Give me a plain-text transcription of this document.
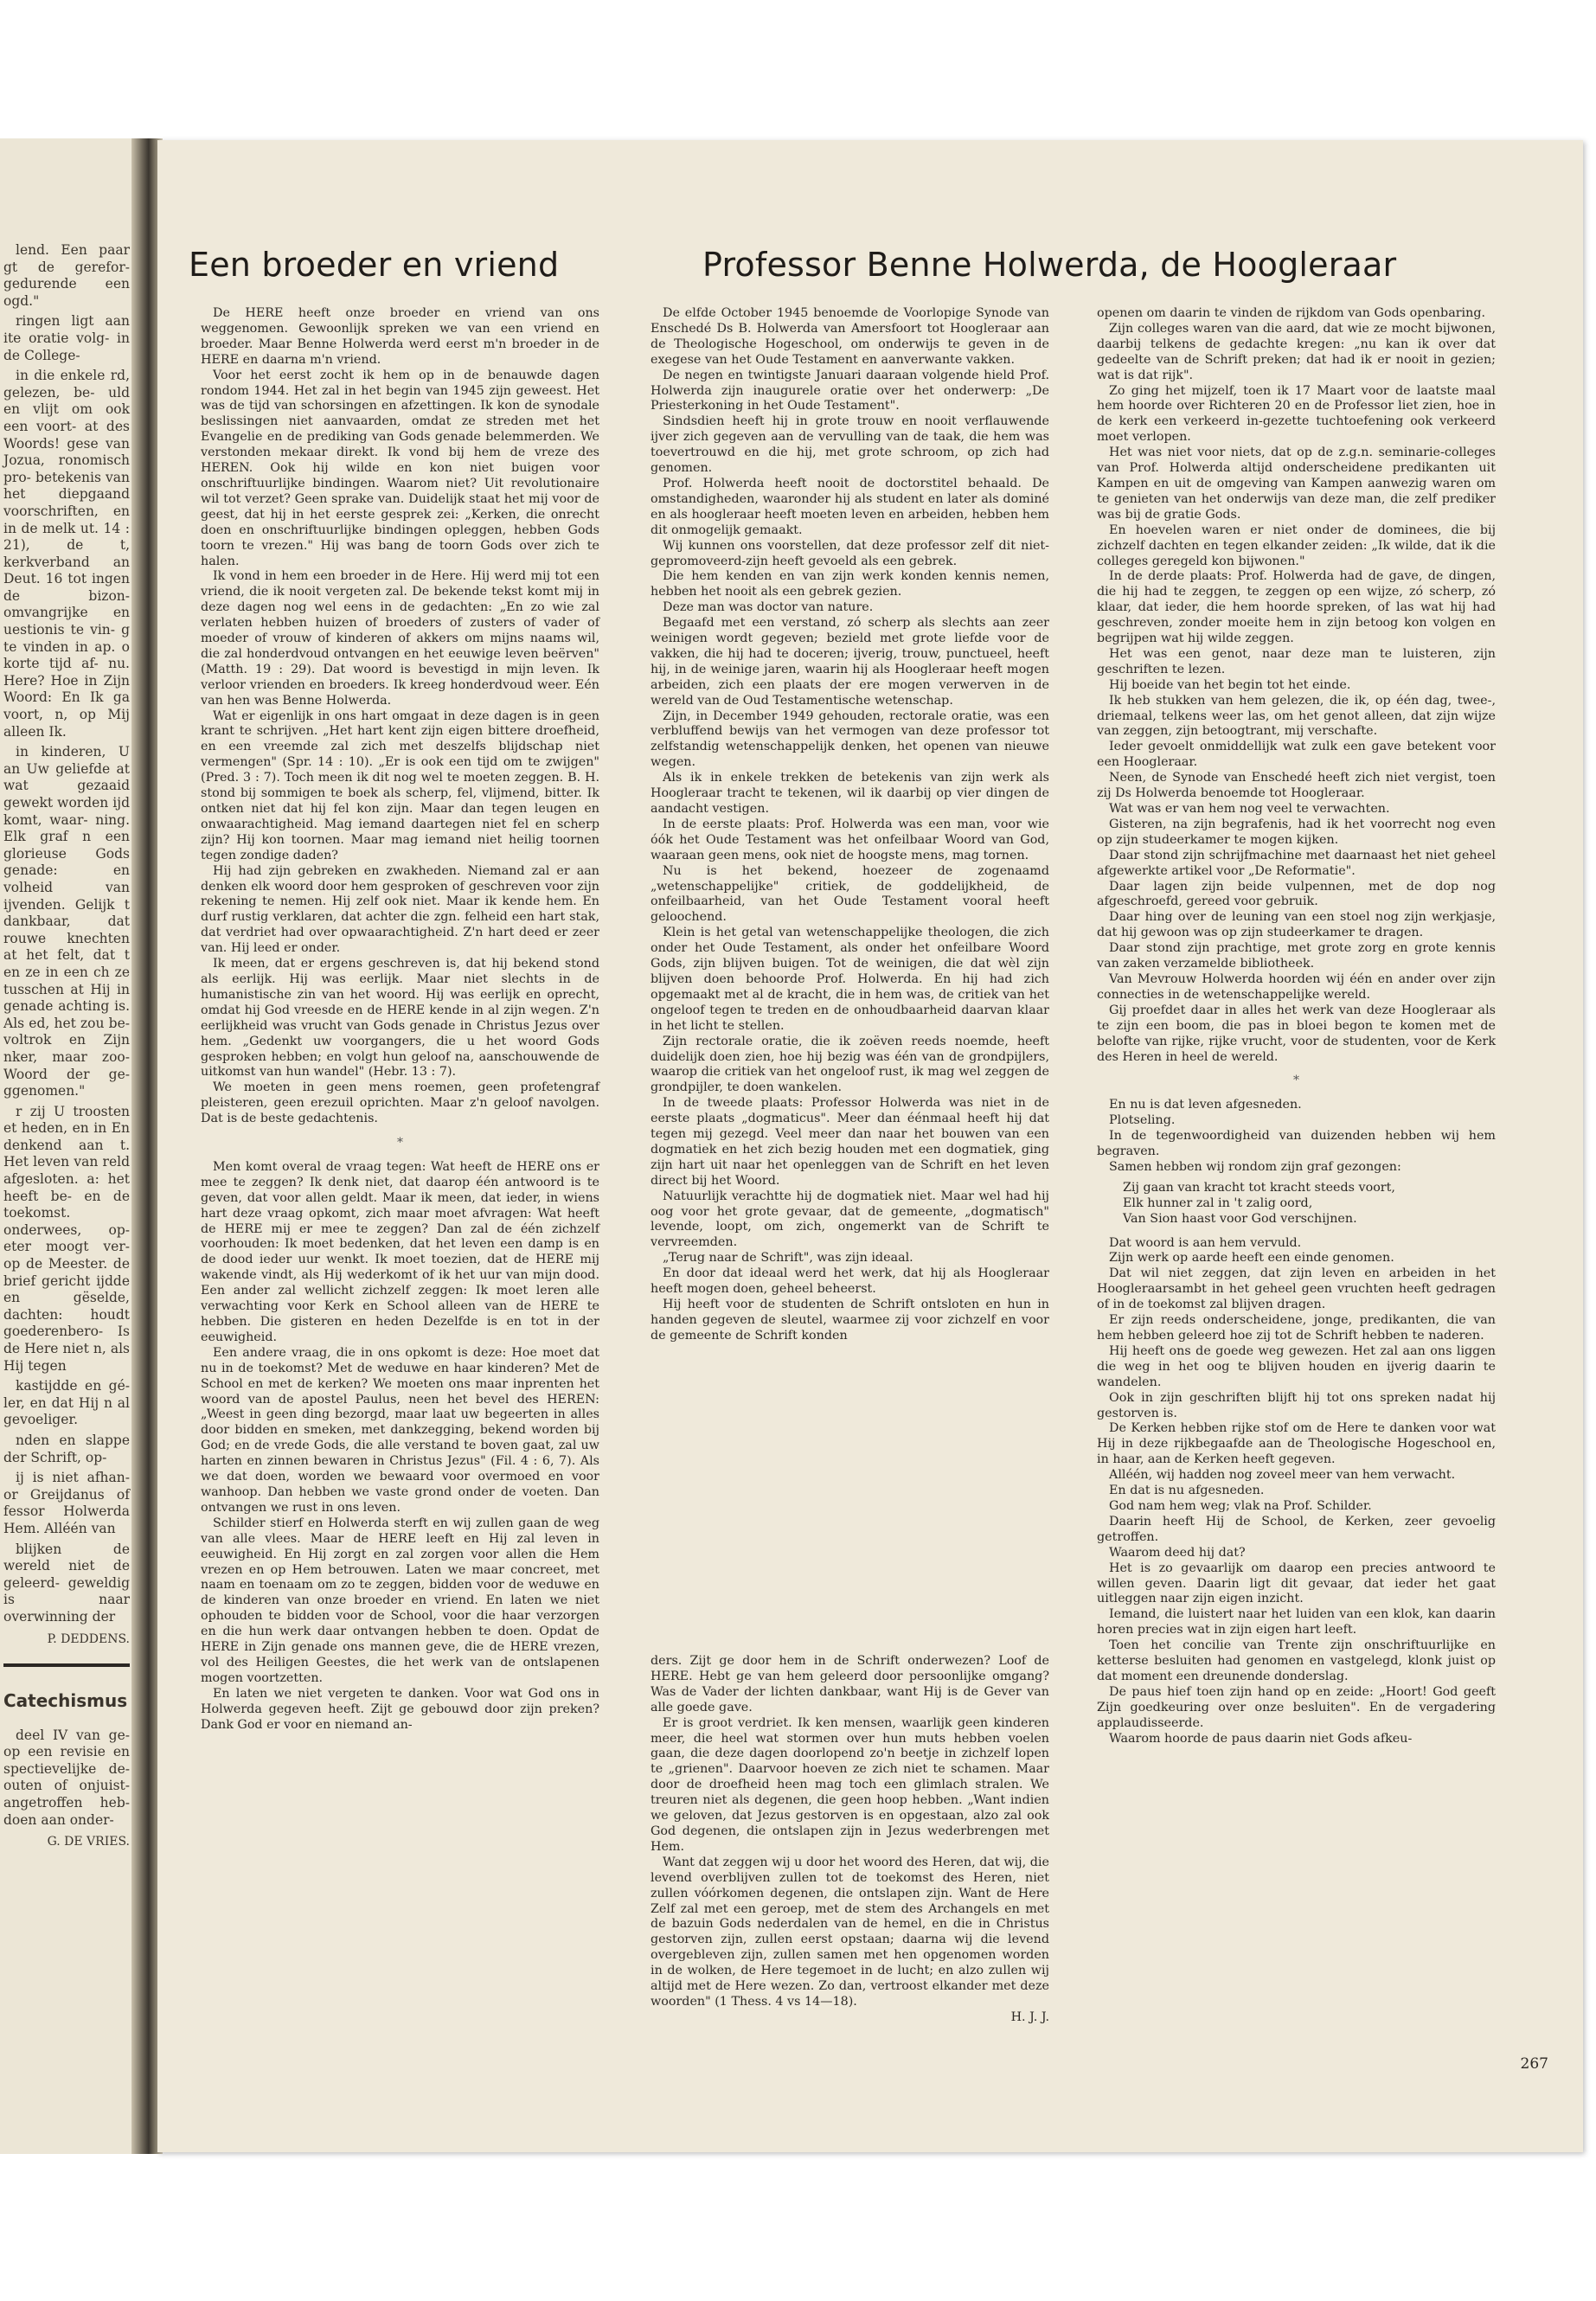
lend. Een paar gt de gerefor- gedurende een ogd."

ringen ligt aan ite oratie volg- in de College-

in die enkele rd, gelezen, be- uld en vlijt om ook een voort- at des Woords! gese van Jozua, ronomisch pro- betekenis van het diepgaand voorschriften, en in de melk ut. 14 : 21), de t, kerkverband an Deut. 16 tot ingen de bizon- omvangrijke en uestionis te vin- g te vinden in ap. o korte tijd af- nu. Here? Hoe in Zijn Woord: En Ik ga voort, n, op Mij alleen Ik.

in kinderen, U an Uw geliefde at wat gezaaid gewekt worden ijd komt, waar- ning. Elk graf n een glorieuse Gods genade: en volheid van ijvenden. Gelijk t dankbaar, dat rouwe knechten at het felt, dat t en ze in een ch ze tusschen at Hij in genade achting is. Als ed, het zou be- voltrok en Zijn nker, maar zoo- Woord der ge- ggenomen."

r zij U troosten et heden, en in En denkend aan t. Het leven van reld afgesloten. a: het heeft be- en de toekomst. onderwees, op- eter moogt ver- op de Meester. de brief gericht ijdde en gëselde, dachten: houdt goederenbero- Is de Here niet n, als Hij tegen

kastijdde en gé- ler, en dat Hij n al gevoeliger.

nden en slappe der Schrift, op-

ij is niet afhan- or Greijdanus of fessor Holwerda Hem. Alléén van

blijken de wereld niet de geleerd- geweldig is naar overwinning der

P. DEDDENS.
Catechismus

deel IV van ge- op een revisie en spectievelijke de- outen of onjuist- angetroffen heb- doen aan onder-

G. DE VRIES.
Een broeder en vriend	Professor Benne Holwerda, de Hoogleraar

De HERE heeft onze broeder en vriend van ons weggenomen. Gewoonlijk spreken we van een vriend en broeder. Maar Benne Holwerda werd eerst m'n broeder in de HERE en daarna m'n vriend.

Voor het eerst zocht ik hem op in de benauwde dagen rondom 1944. Het zal in het begin van 1945 zijn geweest. Het was de tijd van schorsingen en afzettingen. Ik kon de synodale beslissingen niet aanvaarden, omdat ze streden met het Evangelie en de prediking van Gods genade belemmerden. We verstonden mekaar direkt. Ik vond bij hem de vreze des HEREN. Ook hij wilde en kon niet buigen voor onschriftuurlijke bindingen. Waarom niet? Uit revolutionaire wil tot verzet? Geen sprake van. Duidelijk staat het mij voor de geest, dat hij in het eerste gesprek zei: „Kerken, die onrecht doen en onschriftuurlijke bindingen opleggen, hebben Gods toorn te vrezen." Hij was bang de toorn Gods over zich te halen.

Ik vond in hem een broeder in de Here. Hij werd mij tot een vriend, die ik nooit vergeten zal. De bekende tekst komt mij in deze dagen nog wel eens in de gedachten: „En zo wie zal verlaten hebben huizen of broeders of zusters of vader of moeder of vrouw of kinderen of akkers om mijns naams wil, die zal honderdvoud ontvangen en het eeuwige leven beërven" (Matth. 19 : 29). Dat woord is bevestigd in mijn leven. Ik verloor vrienden en broeders. Ik kreeg honderdvoud weer. Eén van hen was Benne Holwerda.

Wat er eigenlijk in ons hart omgaat in deze dagen is in geen krant te schrijven. „Het hart kent zijn eigen bittere droefheid, en een vreemde zal zich met deszelfs blijdschap niet vermengen" (Spr. 14 : 10). „Er is ook een tijd om te zwijgen" (Pred. 3 : 7). Toch meen ik dit nog wel te moeten zeggen. B. H. stond bij sommigen te boek als scherp, fel, vlijmend, bitter. Ik ontken niet dat hij fel kon zijn. Maar dan tegen leugen en onwaarachtigheid. Mag iemand daartegen niet fel en scherp zijn? Hij kon toornen. Maar mag iemand niet heilig toornen tegen zondige daden?

Hij had zijn gebreken en zwakheden. Niemand zal er aan denken elk woord door hem gesproken of geschreven voor zijn rekening te nemen. Hij zelf ook niet. Maar ik kende hem. En durf rustig verklaren, dat achter die zgn. felheid een hart stak, dat verdriet had over opwaarachtigheid. Z'n hart deed er zeer van. Hij leed er onder.

Ik meen, dat er ergens geschreven is, dat hij bekend stond als eerlijk. Hij was eerlijk. Maar niet slechts in de humanistische zin van het woord. Hij was eerlijk en oprecht, omdat hij God vreesde en de HERE kende in al zijn wegen. Z'n eerlijkheid was vrucht van Gods genade in Christus Jezus over hem. „Gedenkt uw voorgangers, die u het woord Gods gesproken hebben; en volgt hun geloof na, aanschouwende de uitkomst van hun wandel" (Hebr. 13 : 7).

We moeten in geen mens roemen, geen profetengraf pleisteren, geen erezuil oprichten. Maar z'n geloof navolgen. Dat is de beste gedachtenis.

*

Men komt overal de vraag tegen: Wat heeft de HERE ons er mee te zeggen? Ik denk niet, dat daarop één antwoord is te geven, dat voor allen geldt. Maar ik meen, dat ieder, in wiens hart deze vraag opkomt, zich maar moet afvragen: Wat heeft de HERE mij er mee te zeggen? Dan zal de één zichzelf voorhouden: Ik moet bedenken, dat het leven een damp is en de dood ieder uur wenkt. Ik moet toezien, dat de HERE mij wakende vindt, als Hij wederkomt of ik het uur van mijn dood. Een ander zal wellicht zichzelf zeggen: Ik moet leren alle verwachting voor Kerk en School alleen van de HERE te hebben. Die gisteren en heden Dezelfde is en tot in der eeuwigheid.

Een andere vraag, die in ons opkomt is deze: Hoe moet dat nu in de toekomst? Met de weduwe en haar kinderen? Met de School en met de kerken? We moeten ons maar inprenten het woord van de apostel Paulus, neen het bevel des HEREN: „Weest in geen ding bezorgd, maar laat uw begeerten in alles door bidden en smeken, met dankzegging, bekend worden bij God; en de vrede Gods, die alle verstand te boven gaat, zal uw harten en zinnen bewaren in Christus Jezus" (Fil. 4 : 6, 7). Als we dat doen, worden we bewaard voor overmoed en voor wanhoop. Dan hebben we vaste grond onder de voeten. Dan ontvangen we rust in ons leven.

Schilder stierf en Holwerda sterft en wij zullen gaan de weg van alle vlees. Maar de HERE leeft en Hij zal leven in eeuwigheid. En Hij zorgt en zal zorgen voor allen die Hem vrezen en op Hem betrouwen. Laten we maar concreet, met naam en toenaam om zo te zeggen, bidden voor de weduwe en de kinderen van onze broeder en vriend. En laten we niet ophouden te bidden voor de School, voor die haar verzorgen en die hun werk daar ontvangen hebben te doen. Opdat de HERE in Zijn genade ons mannen geve, die de HERE vrezen, vol des Heiligen Geestes, die het werk van de ontslapenen mogen voortzetten.

En laten we niet vergeten te danken. Voor wat God ons in Holwerda gegeven heeft. Zijt ge gebouwd door zijn preken? Dank God er voor en niemand an-

De elfde October 1945 benoemde de Voorlopige Synode van Enschedé Ds B. Holwerda van Amersfoort tot Hoogleraar aan de Theologische Hogeschool, om onderwijs te geven in de exegese van het Oude Testament en aanverwante vakken.

De negen en twintigste Januari daaraan volgende hield Prof. Holwerda zijn inaugurele oratie over het onderwerp: „De Priesterkoning in het Oude Testament".

Sindsdien heeft hij in grote trouw en nooit verflauwende ijver zich gegeven aan de vervulling van de taak, die hem was toevertrouwd en die hij, met grote schroom, op zich had genomen.

Prof. Holwerda heeft nooit de doctorstitel behaald. De omstandigheden, waaronder hij als student en later als dominé en als hoogleraar heeft moeten leven en arbeiden, hebben hem dit onmogelijk gemaakt.

Wij kunnen ons voorstellen, dat deze professor zelf dit niet-gepromoveerd-zijn heeft gevoeld als een gebrek.

Die hem kenden en van zijn werk konden kennis nemen, hebben het nooit als een gebrek gezien.

Deze man was doctor van nature.

Begaafd met een verstand, zó scherp als slechts aan zeer weinigen wordt gegeven; bezield met grote liefde voor de vakken, die hij had te doceren; ijverig, trouw, punctueel, heeft hij, in de weinige jaren, waarin hij als Hoogleraar heeft mogen arbeiden, zich een plaats der ere mogen verwerven in de wereld van de Oud Testamentische wetenschap.

Zijn, in December 1949 gehouden, rectorale oratie, was een verbluffend bewijs van het vermogen van deze professor tot zelfstandig wetenschappelijk denken, het openen van nieuwe wegen.

Als ik in enkele trekken de betekenis van zijn werk als Hoogleraar tracht te tekenen, wil ik daarbij op vier dingen de aandacht vestigen.

In de eerste plaats: Prof. Holwerda was een man, voor wie óók het Oude Testament was het onfeilbaar Woord van God, waaraan geen mens, ook niet de hoogste mens, mag tornen.

Nu is het bekend, hoezeer de zogenaamd „wetenschappelijke" critiek, de goddelijkheid, de onfeilbaarheid, van het Oude Testament vooral heeft geloochend.

Klein is het getal van wetenschappelijke theologen, die zich onder het Oude Testament, als onder het onfeilbare Woord Gods, zijn blijven buigen. Tot de weinigen, die dat wèl zijn blijven doen behoorde Prof. Holwerda. En hij had zich opgemaakt met al de kracht, die in hem was, de critiek van het ongeloof tegen te treden en de onhoudbaarheid daarvan klaar in het licht te stellen.

Zijn rectorale oratie, die ik zoëven reeds noemde, heeft duidelijk doen zien, hoe hij bezig was één van de grondpijlers, waarop die critiek van het ongeloof rust, ik mag wel zeggen de grondpijler, te doen wankelen.

In de tweede plaats: Professor Holwerda was niet in de eerste plaats „dogmaticus". Meer dan éénmaal heeft hij dat tegen mij gezegd. Veel meer dan naar het bouwen van een dogmatiek en het zich bezig houden met een dogmatiek, ging zijn hart uit naar het openleggen van de Schrift en het leven direct bij het Woord.

Natuurlijk verachtte hij de dogmatiek niet. Maar wel had hij oog voor het grote gevaar, dat de gemeente, „dogmatisch" levende, loopt, om zich, ongemerkt van de Schrift te vervreemden.

„Terug naar de Schrift", was zijn ideaal.

En door dat ideaal werd het werk, dat hij als Hoogleraar heeft mogen doen, geheel beheerst.

Hij heeft voor de studenten de Schrift ontsloten en hun in handen gegeven de sleutel, waarmee zij voor zichzelf en voor de gemeente de Schrift konden

ders. Zijt ge door hem in de Schrift onderwezen? Loof de HERE. Hebt ge van hem geleerd door persoonlijke omgang? Was de Vader der lichten dankbaar, want Hij is de Gever van alle goede gave.

Er is groot verdriet. Ik ken mensen, waarlijk geen kinderen meer, die heel wat stormen over hun muts hebben voelen gaan, die deze dagen doorlopend zo'n beetje in zichzelf lopen te „grienen". Daarvoor hoeven ze zich niet te schamen. Maar door de droefheid heen mag toch een glimlach stralen. We treuren niet als degenen, die geen hoop hebben. „Want indien we geloven, dat Jezus gestorven is en opgestaan, alzo zal ook God degenen, die ontslapen zijn in Jezus wederbrengen met Hem.

Want dat zeggen wij u door het woord des Heren, dat wij, die levend overblijven zullen tot de toekomst des Heren, niet zullen vóórkomen degenen, die ontslapen zijn. Want de Here Zelf zal met een geroep, met de stem des Archangels en met de bazuin Gods nederdalen van de hemel, en die in Christus gestorven zijn, zullen eerst opstaan; daarna wij die levend overgebleven zijn, zullen samen met hen opgenomen worden in de wolken, de Here tegemoet in de lucht; en alzo zullen wij altijd met de Here wezen. Zo dan, vertroost elkander met deze woorden" (1 Thess. 4 vs 14—18).

H. J. J.

openen om daarin te vinden de rijkdom van Gods openbaring.

Zijn colleges waren van die aard, dat wie ze mocht bijwonen, daarbij telkens de gedachte kregen: „nu kan ik over dat gedeelte van de Schrift preken; dat had ik er nooit in gezien; wat is dat rijk".

Zo ging het mijzelf, toen ik 17 Maart voor de laatste maal hem hoorde over Richteren 20 en de Professor liet zien, hoe in de kerk een verkeerd in-gezette tuchtoefening ook verkeerd moet verlopen.

Het was niet voor niets, dat op de z.g.n. seminarie-colleges van Prof. Holwerda altijd onderscheidene predikanten uit Kampen en uit de omgeving van Kampen aanwezig waren om te genieten van het onderwijs van deze man, die zelf prediker was bij de gratie Gods.

En hoevelen waren er niet onder de dominees, die bij zichzelf dachten en tegen elkander zeiden: „Ik wilde, dat ik die colleges geregeld kon bijwonen."

In de derde plaats: Prof. Holwerda had de gave, de dingen, die hij had te zeggen, te zeggen op een wijze, zó scherp, zó klaar, dat ieder, die hem hoorde spreken, of las wat hij had geschreven, zonder moeite hem in zijn betoog kon volgen en begrijpen wat hij wilde zeggen.

Het was een genot, naar deze man te luisteren, zijn geschriften te lezen.

Hij boeide van het begin tot het einde.

Ik heb stukken van hem gelezen, die ik, op één dag, twee-, driemaal, telkens weer las, om het genot alleen, dat zijn wijze van zeggen, zijn betoogtrant, mij verschafte.

Ieder gevoelt onmiddellijk wat zulk een gave betekent voor een Hoogleraar.

Neen, de Synode van Enschedé heeft zich niet vergist, toen zij Ds Holwerda benoemde tot Hoogleraar.

Wat was er van hem nog veel te verwachten.

Gisteren, na zijn begrafenis, had ik het voorrecht nog even op zijn studeerkamer te mogen kijken.

Daar stond zijn schrijfmachine met daarnaast het niet geheel afgewerkte artikel voor „De Reformatie".

Daar lagen zijn beide vulpennen, met de dop nog afgeschroefd, gereed voor gebruik.

Daar hing over de leuning van een stoel nog zijn werkjasje, dat hij gewoon was op zijn studeerkamer te dragen.

Daar stond zijn prachtige, met grote zorg en grote kennis van zaken verzamelde bibliotheek.

Van Mevrouw Holwerda hoorden wij één en ander over zijn connecties in de wetenschappelijke wereld.

Gij proefdet daar in alles het werk van deze Hoogleraar als te zijn een boom, die pas in bloei begon te komen met de belofte van rijke, rijke vrucht, voor de studenten, voor de Kerk des Heren in heel de wereld.

*

En nu is dat leven afgesneden.

Plotseling.

In de tegenwoordigheid van duizenden hebben wij hem begraven.

Samen hebben wij rondom zijn graf gezongen:

Zij gaan van kracht tot kracht steeds voort,
Elk hunner zal in 't zalig oord,
Van Sion haast voor God verschijnen.

Dat woord is aan hem vervuld.

Zijn werk op aarde heeft een einde genomen.

Dat wil niet zeggen, dat zijn leven en arbeiden in het Hoogleraarsambt in het geheel geen vruchten heeft gedragen of in de toekomst zal blijven dragen.

Er zijn reeds onderscheidene, jonge, predikanten, die van hem hebben geleerd hoe zij tot de Schrift hebben te naderen.

Hij heeft ons de goede weg gewezen. Het zal aan ons liggen die weg in het oog te blijven houden en ijverig daarin te wandelen.

Ook in zijn geschriften blijft hij tot ons spreken nadat hij gestorven is.

De Kerken hebben rijke stof om de Here te danken voor wat Hij in deze rijkbegaafde aan de Theologische Hogeschool en, in haar, aan de Kerken heeft gegeven.

Alléén, wij hadden nog zoveel meer van hem verwacht.

En dat is nu afgesneden.

God nam hem weg; vlak na Prof. Schilder.

Daarin heeft Hij de School, de Kerken, zeer gevoelig getroffen.

Waarom deed hij dat?

Het is zo gevaarlijk om daarop een precies antwoord te willen geven. Daarin ligt dit gevaar, dat ieder het gaat uitleggen naar zijn eigen inzicht.

Iemand, die luistert naar het luiden van een klok, kan daarin horen precies wat in zijn eigen hart leeft.

Toen het concilie van Trente zijn onschriftuurlijke en ketterse besluiten had genomen en vastgelegd, klonk juist op dat moment een dreunende donderslag.

De paus hief toen zijn hand op en zeide: „Hoort! God geeft Zijn goedkeuring over onze besluiten". En de vergadering applaudisseerde.

Waarom hoorde de paus daarin niet Gods afkeu-

267
